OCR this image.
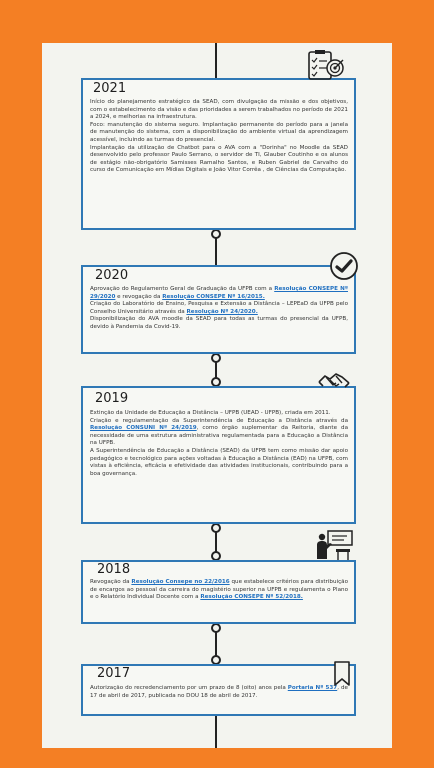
2021

Início do planejamento estratégico da SEAD, com divulgação da missão e dos objetivos, com o estabelecimento da visão e das prioridades a serem trabalhados no período de 2021 a 2024, e melhorias na infraestrutura.

Foco: manutenção do sistema seguro. Implantação permanente do período para a janela de manutenção do sistema, com a disponibilização do ambiente virtual da aprendizagem acessível, incluindo as turmas do presencial.

Implantação da utilização de Chatbot para o AVA com a "Dorinha" no Moodle da SEAD desenvolvido pelo professor Paulo Serrano, o servidor de TI, Glauber Coutinho e os alunos de estágio não-obrigatório Samisses Ramalho Santos, e Ruben Gabriel de Carvalho do curso de Comunicação em Mídias Digitais e João Vitor Corrêa , de Ciências da Computação.

2020

Aprovação do Regulamento Geral de Graduação da UFPB com a Resolução CONSEPE Nº 29/2020 e revogação da Resolução CONSEPE Nº 16/2015.

Criação do Laboratório de Ensino, Pesquisa e Extensão a Distância – LEPEaD da UFPB pelo Conselho Universitário através da Resolução Nº 24/2020.

Disponibilização do AVA moodle da SEAD para todas as turmas do presencial da UFPB, devido à Pandemia da Covid-19.

2019

Extinção da Unidade de Educação a Distância – UFPB (UEAD - UFPB), criada em 2011.

Criação e regulamentação da Superintendência de Educação a Distância através da Resolução CONSUNI Nº 24/2019, como órgão suplementar da Reitoria, diante da necessidade de uma estrutura administrativa regulamentada para a Educação a Distância na UFPB.

A Superintendência de Educação a Distância (SEAD) da UFPB tem como missão dar apoio pedagógico e tecnológico para ações voltadas à Educação a Distância (EAD) na UFPB, com vistas à eficiência, eficácia e efetividade das atividades institucionais, contribuindo para a boa governança.

2018

Revogação da Resolução Consepe no 22/2016 que estabelece critérios para distribuição de encargos ao pessoal da carreira do magistério superior na UFPB e regulamenta o Plano e o Relatório Individual Docente com a Resolução CONSEPE Nº 52/2018.

2017

Autorização do recredenciamento por um prazo de 8 (oito) anos pela Portaria Nº 537, de 17 de abril de 2017, publicada no DOU 18 de abril de 2017.
